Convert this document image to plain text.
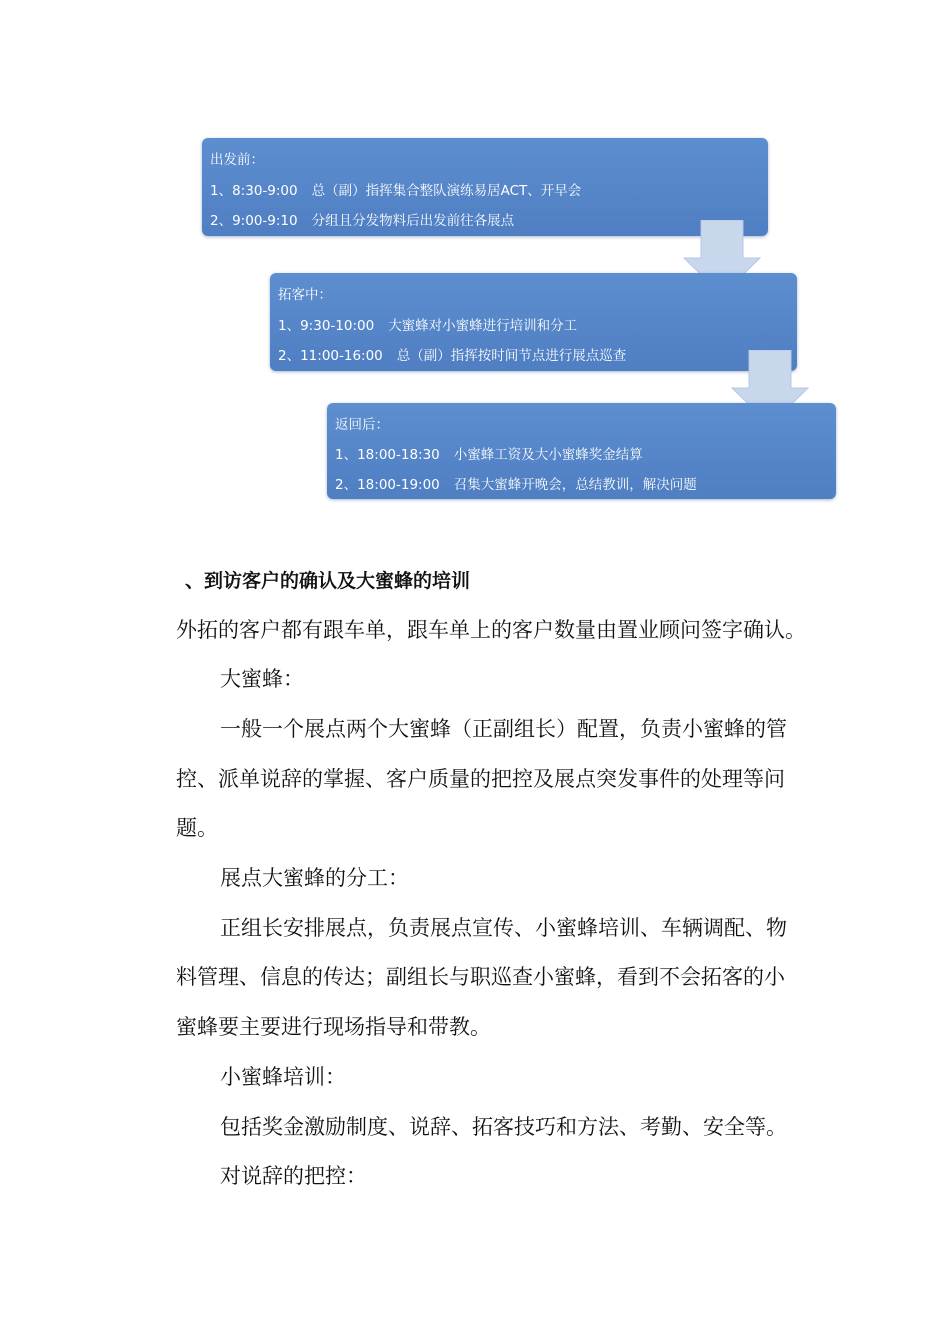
出发前：
1、8:30-9:00 总（副）指挥集合整队演练易居ACT、开早会
2、9:00-9:10 分组且分发物料后出发前往各展点
拓客中：
1、9:30-10:00 大蜜蜂对小蜜蜂进行培训和分工
2、11:00-16:00 总（副）指挥按时间节点进行展点巡查
返回后：
1、18:00-18:30 小蜜蜂工资及大小蜜蜂奖金结算
2、18:00-19:00 召集大蜜蜂开晚会，总结教训，解决问题
、到访客户的确认及大蜜蜂的培训
外拓的客户都有跟车单，跟车单上的客户数量由置业顾问签字确认。
大蜜蜂：
一般一个展点两个大蜜蜂（正副组长）配置，负责小蜜蜂的管
控、派单说辞的掌握、客户质量的把控及展点突发事件的处理等问
题。
展点大蜜蜂的分工：
正组长安排展点，负责展点宣传、小蜜蜂培训、车辆调配、物
料管理、信息的传达；副组长与职巡查小蜜蜂，看到不会拓客的小
蜜蜂要主要进行现场指导和带教。
小蜜蜂培训：
包括奖金激励制度、说辞、拓客技巧和方法、考勤、安全等。
对说辞的把控：
